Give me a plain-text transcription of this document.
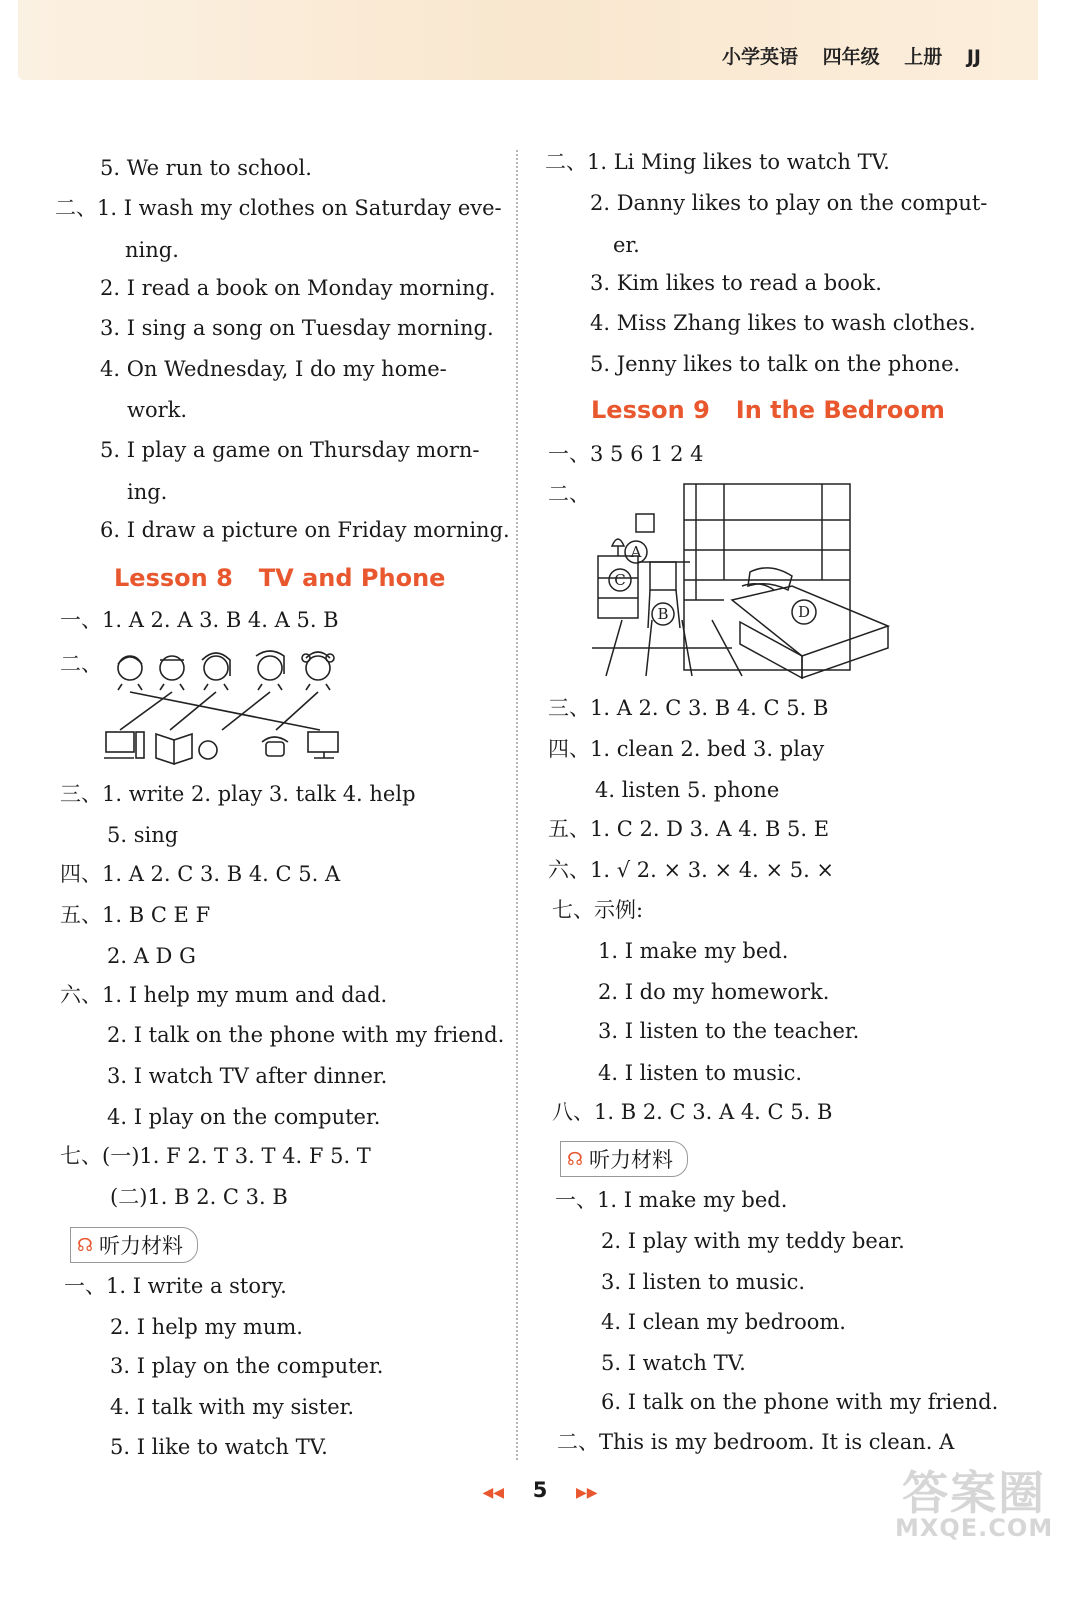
小学英语 四年级 上册 JJ
5. We run to school.
二、1. I wash my clothes on Saturday eve-
ning.
2. I read a book on Monday morning.
3. I sing a song on Tuesday morning.
4. On Wednesday, I do my home-
work.
5. I play a game on Thursday morn-
ing.
6. I draw a picture on Friday morning.
Lesson 8 TV and Phone
一、1. A 2. A 3. B 4. A 5. B
二、
三、1. write 2. play 3. talk 4. help
5. sing
四、1. A 2. C 3. B 4. C 5. A
五、1. B C E F
2. A D G
六、1. I help my mum and dad.
2. I talk on the phone with my friend.
3. I watch TV after dinner.
4. I play on the computer.
七、(一)1. F 2. T 3. T 4. F 5. T
(二)1. B 2. C 3. B
☊ 听力材料
一、1. I write a story.
2. I help my mum.
3. I play on the computer.
4. I talk with my sister.
5. I like to watch TV.
二、1. Li Ming likes to watch TV.
2. Danny likes to play on the comput-
er.
3. Kim likes to read a book.
4. Miss Zhang likes to wash clothes.
5. Jenny likes to talk on the phone.
Lesson 9 In the Bedroom
一、3 5 6 1 2 4
二、
A
B
C
D
三、1. A 2. C 3. B 4. C 5. B
四、1. clean 2. bed 3. play
4. listen 5. phone
五、1. C 2. D 3. A 4. B 5. E
六、1. √ 2. × 3. × 4. × 5. ×
七、示例:
1. I make my bed.
2. I do my homework.
3. I listen to the teacher.
4. I listen to music.
八、1. B 2. C 3. A 4. C 5. B
☊ 听力材料
一、1. I make my bed.
2. I play with my teddy bear.
3. I listen to music.
4. I clean my bedroom.
5. I watch TV.
6. I talk on the phone with my friend.
二、This is my bedroom. It is clean. A
◀◀ 5 ▶▶	答案圈
MXQE.COM
